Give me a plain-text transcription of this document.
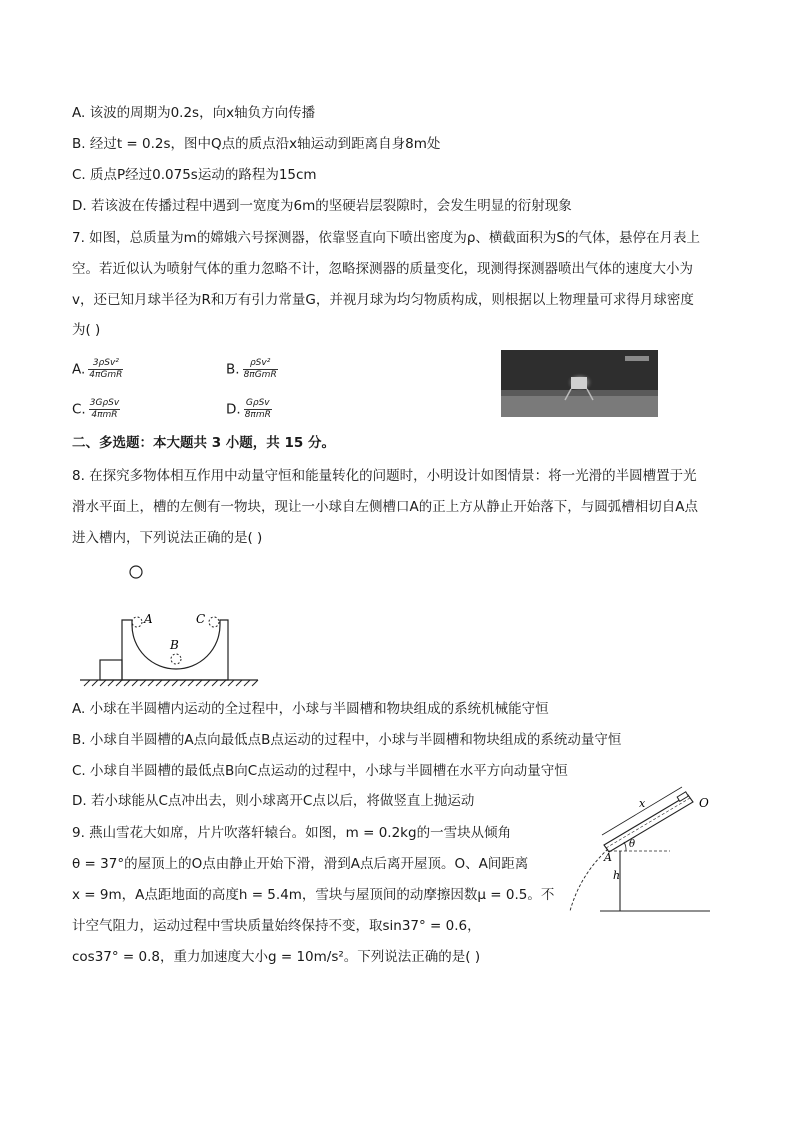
A. 该波的周期为0.2s，向x轴负方向传播
B. 经过t = 0.2s，图中Q点的质点沿x轴运动到距离自身8m处
C. 质点P经过0.075s运动的路程为15cm
D. 若该波在传播过程中遇到一宽度为6m的坚硬岩层裂隙时，会发生明显的衍射现象
7. 如图，总质量为m的嫦娥六号探测器，依靠竖直向下喷出密度为ρ、横截面积为S的气体，悬停在月表上
空。若近似认为喷射气体的重力忽略不计，忽略探测器的质量变化，现测得探测器喷出气体的速度大小为
v，还已知月球半径为R和万有引力常量G，并视月球为均匀物质构成，则根据以上物理量可求得月球密度
为( )
A. $\frac{\text{3ρSv²}}{\text{4πGmR}}$	B. $\frac{\text{ρSv²}}{\text{8πGmR}}$
C. $\frac{\text{3GρSv}}{\text{4πmR}}$	D. $\frac{\text{GρSv}}{\text{8πmR}}$
二、多选题：本大题共 3 小题，共 15 分。
8. 在探究多物体相互作用中动量守恒和能量转化的问题时，小明设计如图情景：将一光滑的半圆槽置于光
滑水平面上，槽的左侧有一物块，现让一小球自左侧槽口A的正上方从静止开始落下，与圆弧槽相切自A点
进入槽内，下列说法正确的是( )
A
B
C
A. 小球在半圆槽内运动的全过程中，小球与半圆槽和物块组成的系统机械能守恒
B. 小球自半圆槽的A点向最低点B点运动的过程中，小球与半圆槽和物块组成的系统动量守恒
C. 小球自半圆槽的最低点B向C点运动的过程中，小球与半圆槽在水平方向动量守恒
D. 若小球能从C点冲出去，则小球离开C点以后，将做竖直上抛运动
9. 燕山雪花大如席，片片吹落轩辕台。如图，m = 0.2kg的一雪块从倾角
θ = 37°的屋顶上的O点由静止开始下滑，滑到A点后离开屋顶。O、A间距离
x = 9m，A点距地面的高度h = 5.4m，雪块与屋顶间的动摩擦因数μ = 0.5。不
计空气阻力，运动过程中雪块质量始终保持不变，取sin37° = 0.6，
cos37° = 0.8，重力加速度大小g = 10m/s²。下列说法正确的是( )
x	O
θ
A
h
